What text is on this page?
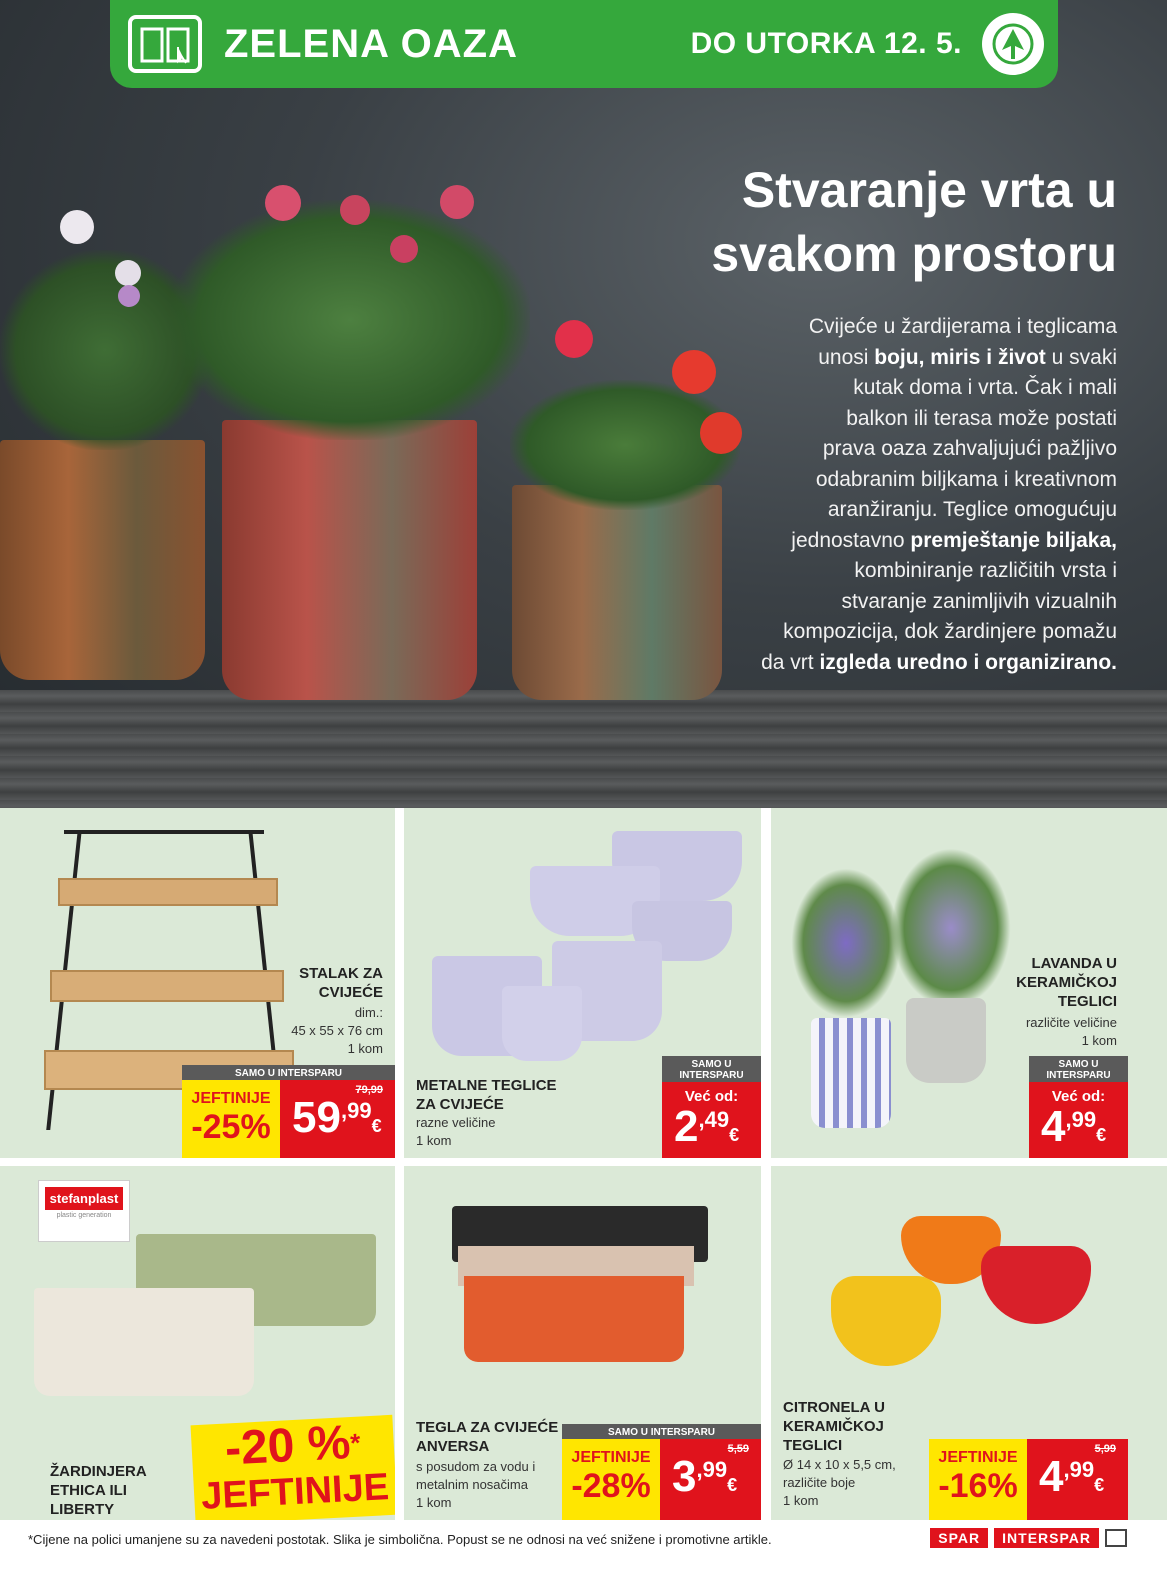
ZELENA OAZA	DO UTORKA 12. 5.
Stvaranje vrta u
svakom prostoru
Cvijeće u žardijerama i teglicama
unosi boju, miris i život u svaki
kutak doma i vrta. Čak i mali
balkon ili terasa može postati
prava oaza zahvaljujući pažljivo
odabranim biljkama i kreativnom
aranžiranju. Teglice omogućuju
jednostavno premještanje biljaka,
kombiniranje različitih vrsta i
stvaranje zanimljivih vizualnih
kompozicija, dok žardinjere pomažu
da vrt izgleda uredno i organizirano.
STALAK ZA
CVIJEĆE
dim.:
45 x 55 x 76 cm
1 kom
SAMO U INTERSPARU
JEFTINIJE
-25%
79,99
$59^{,99}€$
METALNE TEGLICE
ZA CVIJEĆE
razne veličine
1 kom
SAMO U
INTERSPARU
Već od:
$2^{,49}€$
LAVANDA U
KERAMIČKOJ
TEGLICI
različite veličine
1 kom
SAMO U
INTERSPARU
Već od:
$4^{,99}€$
stefanplast
plastic generation
ŽARDINJERA
ETHICA ILI
LIBERTY
-20 %*
JEFTINIJE
TEGLA ZA CVIJEĆE
ANVERSA
s posudom za vodu i
metalnim nosačima
1 kom
SAMO U INTERSPARU
JEFTINIJE
-28%
5,59
$3^{,99}€$
CITRONELA U
KERAMIČKOJ
TEGLICI
Ø 14 x 10 x 5,5 cm,
različite boje
1 kom
JEFTINIJE
-16%
5,99
$4^{,99}€$
*Cijene na polici umanjene su za navedeni postotak. Slika je simbolična. Popust se ne odnosi na već snižene i promotivne artikle.	SPAR	INTERSPAR
